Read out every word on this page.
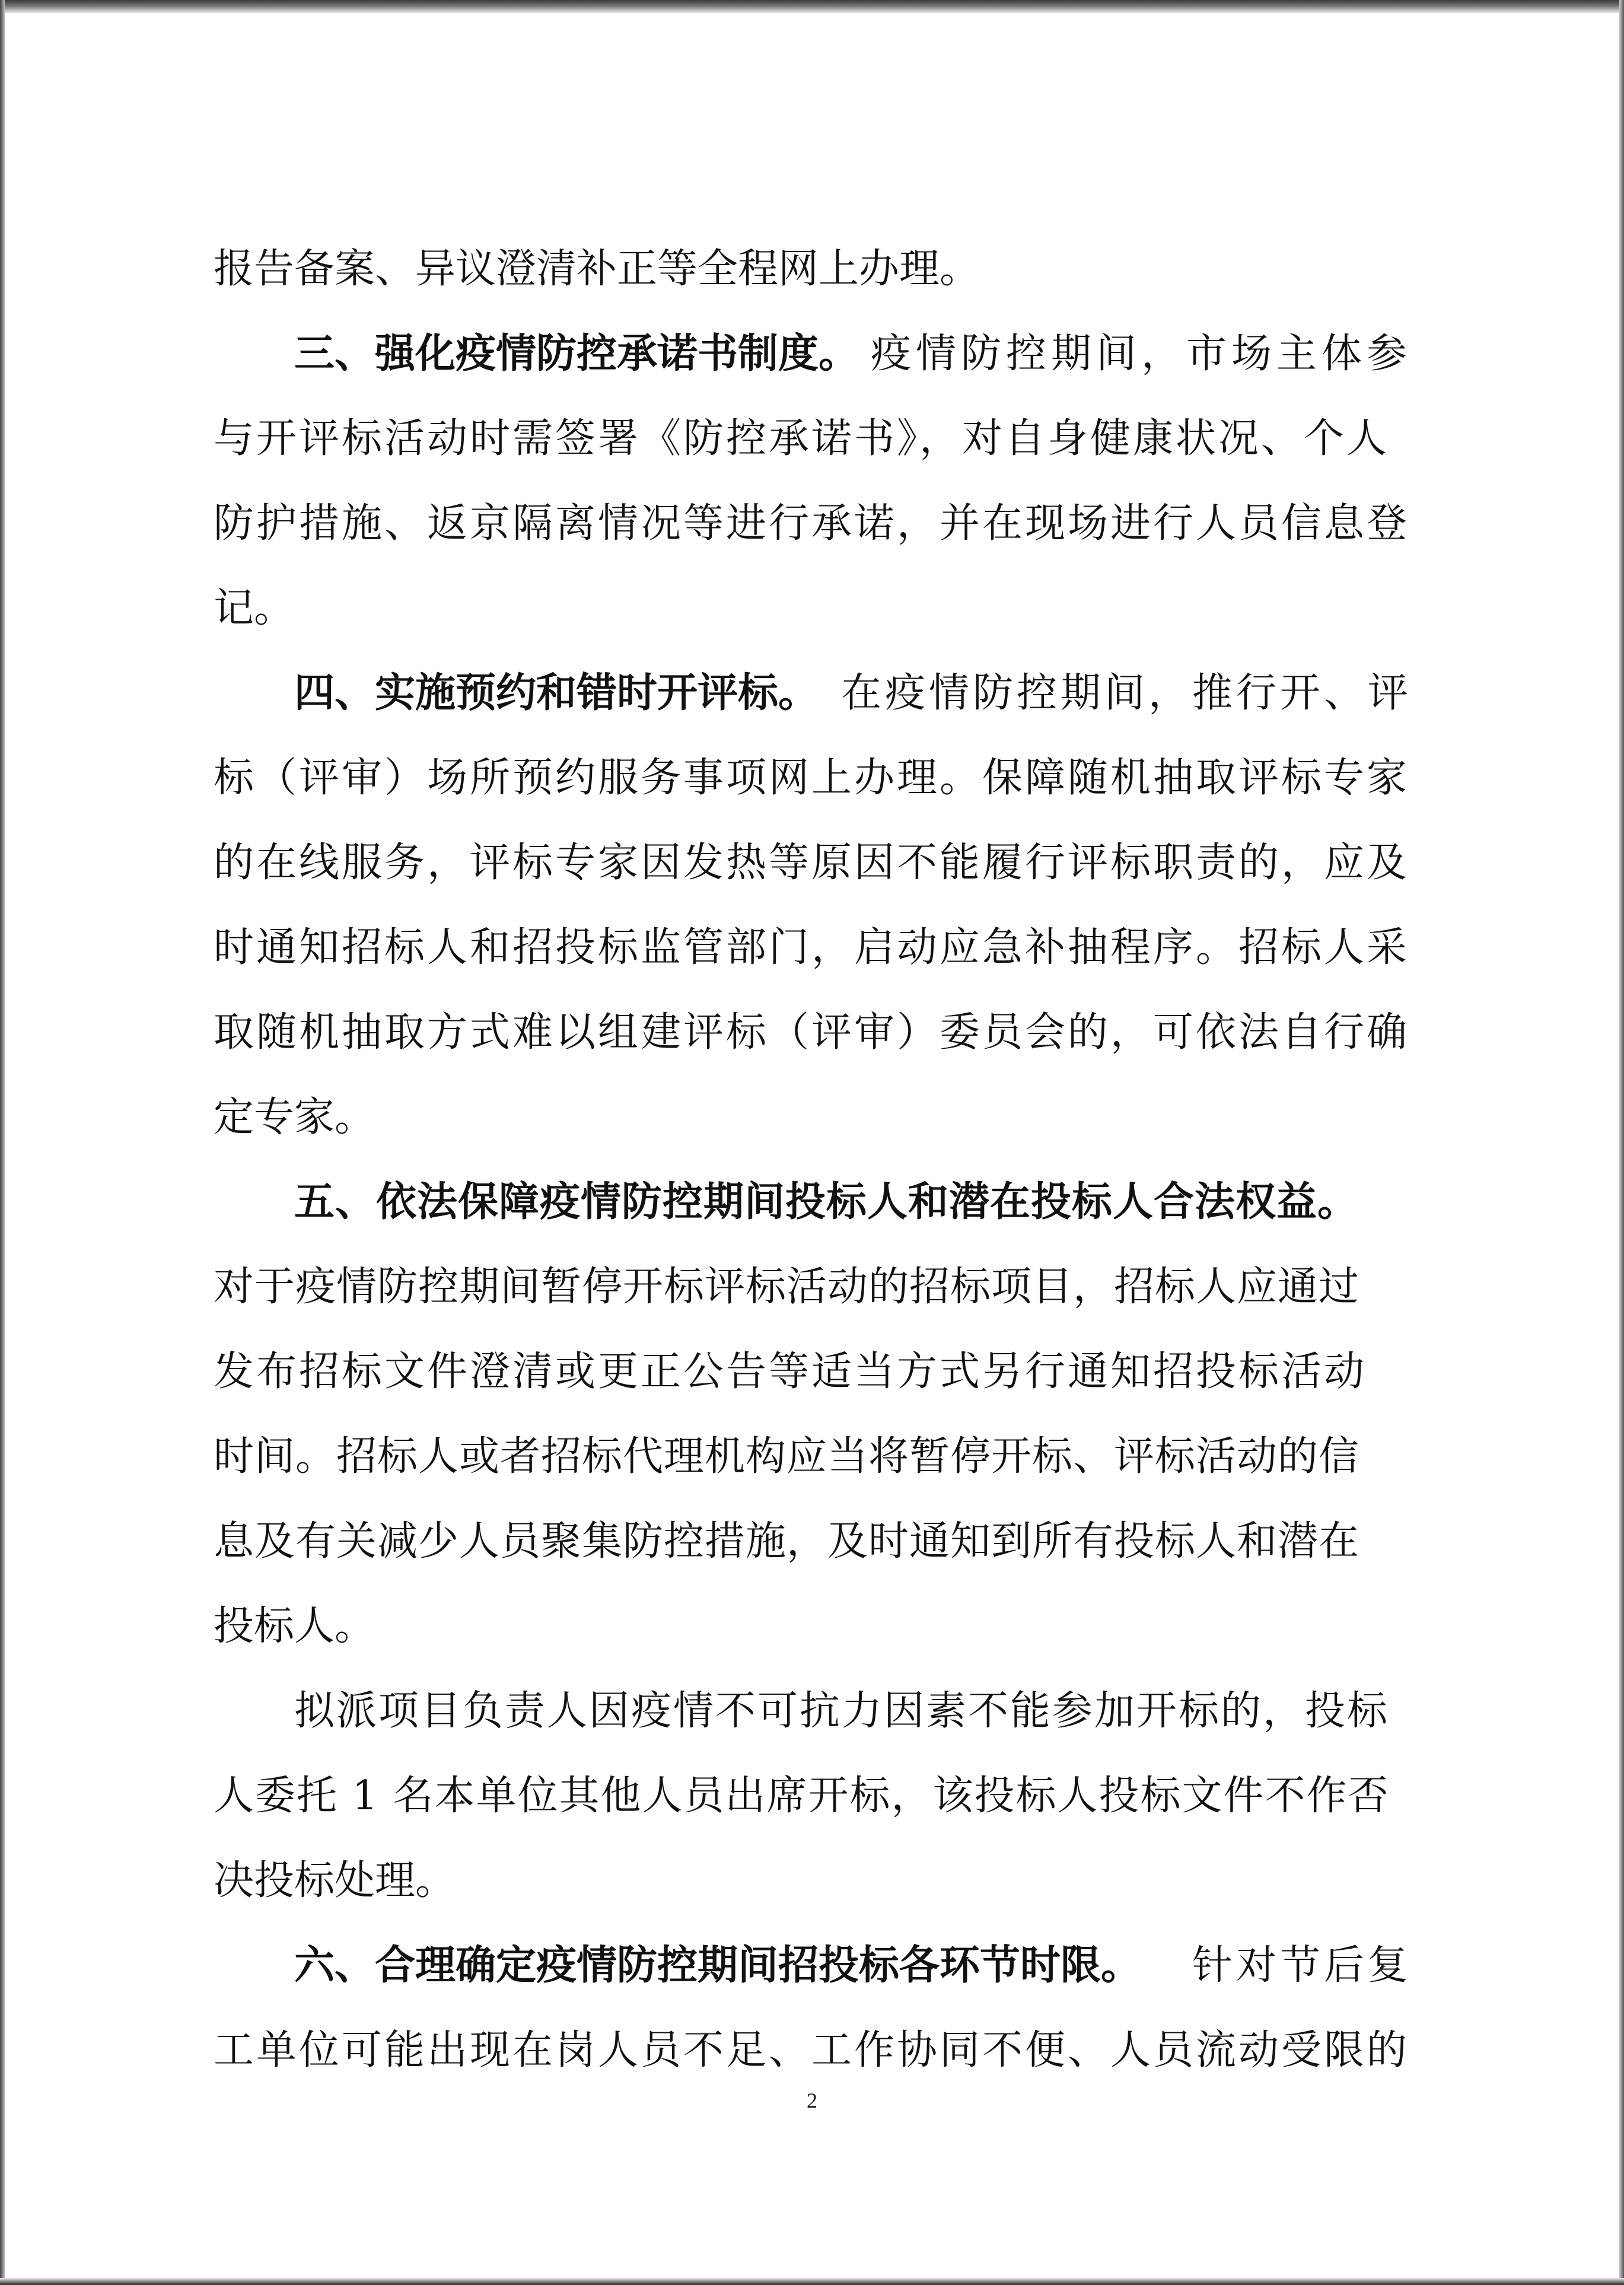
报告备案、异议澄清补正等全程网上办理。
三、强化疫情防控承诺书制度。 疫情防控期间，市场主体参
与开评标活动时需签署《防控承诺书》，对自身健康状况、个人
防护措施、返京隔离情况等进行承诺，并在现场进行人员信息登
记。
四、实施预约和错时开评标。 在疫情防控期间，推行开、评
标（评审）场所预约服务事项网上办理。保障随机抽取评标专家
的在线服务，评标专家因发热等原因不能履行评标职责的，应及
时通知招标人和招投标监管部门，启动应急补抽程序。招标人采
取随机抽取方式难以组建评标（评审）委员会的，可依法自行确
定专家。
五、依法保障疫情防控期间投标人和潜在投标人合法权益。
对于疫情防控期间暂停开标评标活动的招标项目，招标人应通过
发布招标文件澄清或更正公告等适当方式另行通知招投标活动
时间。招标人或者招标代理机构应当将暂停开标、评标活动的信
息及有关减少人员聚集防控措施，及时通知到所有投标人和潜在
投标人。
拟派项目负责人因疫情不可抗力因素不能参加开标的，投标
人委托 1 名本单位其他人员出席开标，该投标人投标文件不作否
决投标处理。
六、合理确定疫情防控期间招投标各环节时限。 针对节后复
工单位可能出现在岗人员不足、工作协同不便、人员流动受限的
2
